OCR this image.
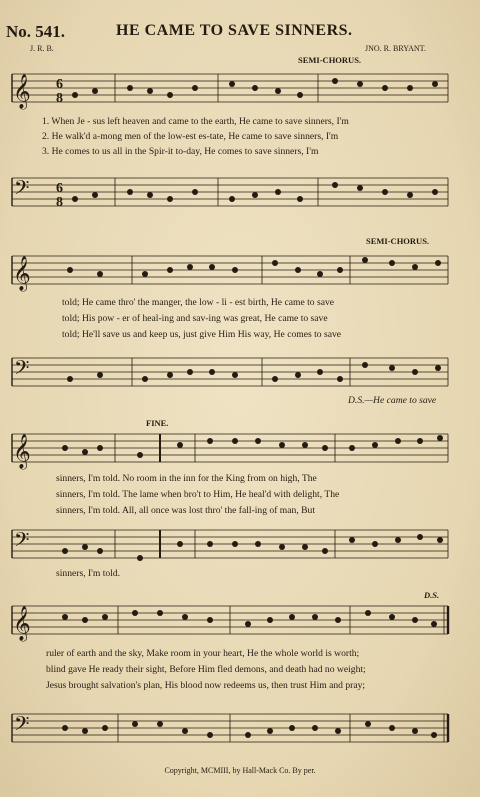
No. 541.	HE CAME TO SAVE SINNERS.
J. R. B.	JNO. R. BRYANT.
SEMI-CHORUS.
𝄞 6
8
1. When Je - sus left heaven and came to the earth, He came to save sinners, I'm
2. He walk'd a-mong men of the low-est es-tate, He came to save sinners, I'm
3. He comes to us all in the Spir-it to-day, He comes to save sinners, I'm
𝄢 6
8
SEMI-CHORUS.
𝄞
told; He came thro' the manger, the low - li - est birth, He came to save
told; His pow - er of heal-ing and sav-ing was great, He came to save
told; He'll save us and keep us, just give Him His way, He comes to save
𝄢
D.S.—He came to save
FINE.
𝄞
sinners, I'm told. No room in the inn for the King from on high, The
sinners, I'm told. The lame when bro't to Him, He heal'd with delight, The
sinners, I'm told. All, all once was lost thro' the fall-ing of man, But
𝄢
sinners, I'm told.
D.S.
𝄞
ruler of earth and the sky, Make room in your heart, He the whole world is worth;
blind gave He ready their sight, Before Him fled demons, and death had no weight;
Jesus brought salvation's plan, His blood now redeems us, then trust Him and pray;
𝄢
Copyright, MCMIII, by Hall-Mack Co. By per.
